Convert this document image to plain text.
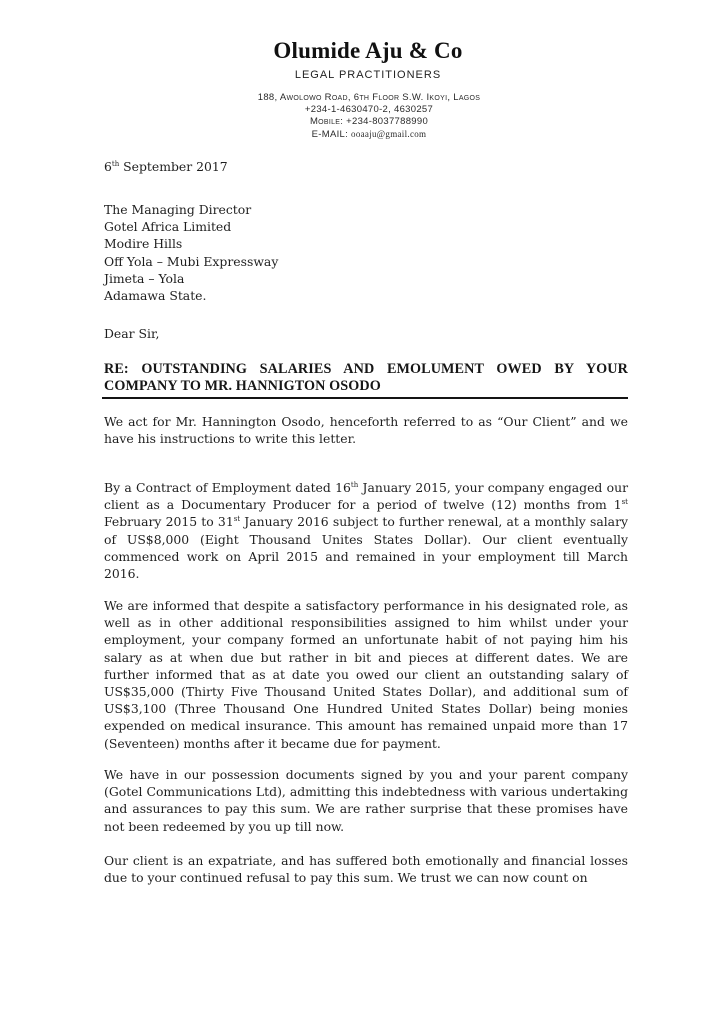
Olumide Aju & Co
LEGAL PRACTITIONERS
188, Awolowo Road, 6th Floor S.W. Ikoyi, Lagos
+234-1-4630470-2, 4630257
Mobile: +234-8037788990
E-MAIL: ooaaju@gmail.com
6th September 2017
The Managing Director
Gotel Africa Limited
Modire Hills
Off Yola – Mubi Expressway
Jimeta – Yola
Adamawa State.
Dear Sir,
RE: OUTSTANDING SALARIES AND EMOLUMENT OWED BY YOUR COMPANY TO MR. HANNIGTON OSODO
We act for Mr. Hannington Osodo, henceforth referred to as “Our Client” and we have his instructions to write this letter.
By a Contract of Employment dated 16th January 2015, your company engaged our client as a Documentary Producer for a period of twelve (12) months from 1st February 2015 to 31st January 2016 subject to further renewal, at a monthly salary of US$8,000 (Eight Thousand Unites States Dollar). Our client eventually commenced work on April 2015 and remained in your employment till March 2016.
We are informed that despite a satisfactory performance in his designated role, as well as in other additional responsibilities assigned to him whilst under your employment, your company formed an unfortunate habit of not paying him his salary as at when due but rather in bit and pieces at different dates. We are further informed that as at date you owed our client an outstanding salary of US$35,000 (Thirty Five Thousand United States Dollar), and additional sum of US$3,100 (Three Thousand One Hundred United States Dollar) being monies expended on medical insurance. This amount has remained unpaid more than 17 (Seventeen) months after it became due for payment.
We have in our possession documents signed by you and your parent company (Gotel Communications Ltd), admitting this indebtedness with various undertaking and assurances to pay this sum. We are rather surprise that these promises have not been redeemed by you up till now.
Our client is an expatriate, and has suffered both emotionally and financial losses due to your continued refusal to pay this sum. We trust we can now count on
